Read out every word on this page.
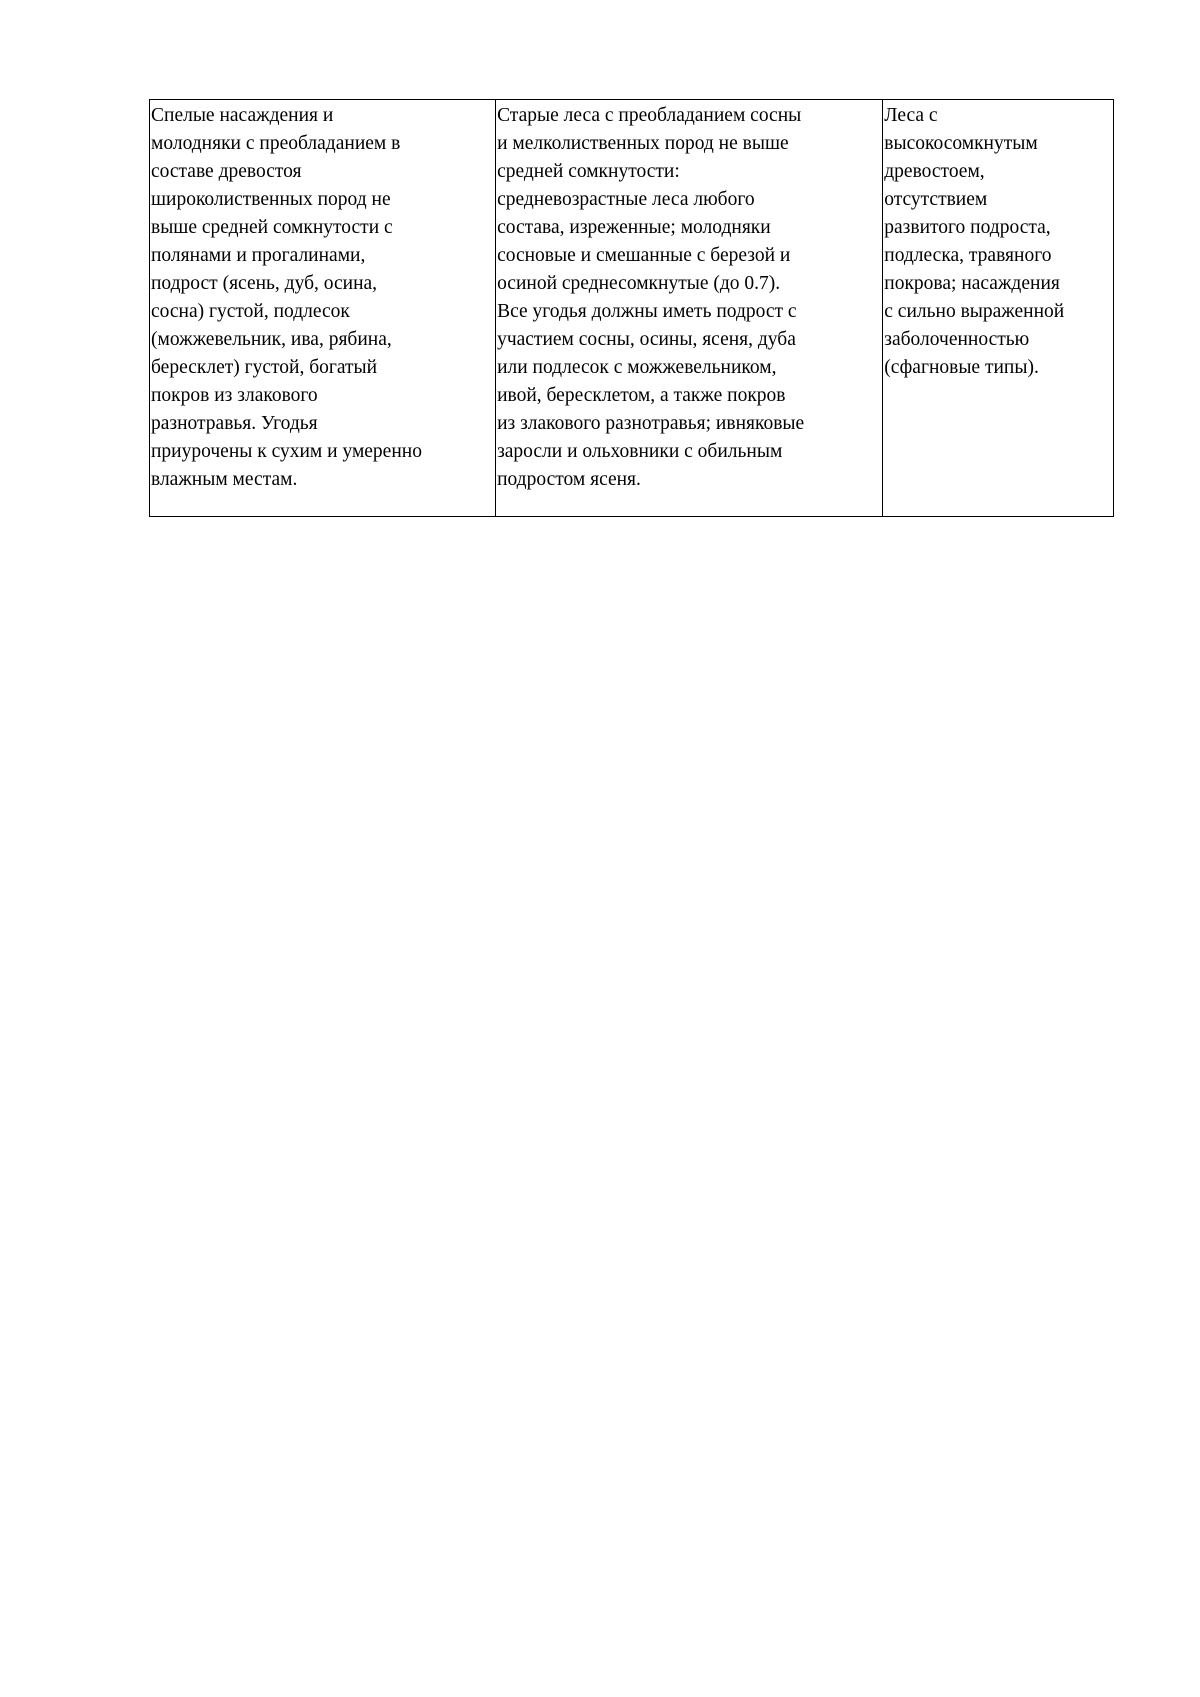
Спелые насаждения и
молодняки с преобладанием в
составе древостоя
широколиственных пород не
выше средней сомкнутости с
полянами и прогалинами,
подрост (ясень, дуб, осина,
сосна) густой, подлесок
(можжевельник, ива, рябина,
бересклет) густой, богатый
покров из злакового
разнотравья. Угодья
приурочены к сухим и умеренно
влажным местам.	Старые леса с преобладанием сосны
и мелколиственных пород не выше
средней сомкнутости:
средневозрастные леса любого
состава, изреженные; молодняки
сосновые и смешанные с березой и
осиной среднесомкнутые (до 0.7).
Все угодья должны иметь подрост с
участием сосны, осины, ясеня, дуба
или подлесок с можжевельником,
ивой, бересклетом, а также покров
из злакового разнотравья; ивняковые
заросли и ольховники с обильным
подростом ясеня.	Леса с
высокосомкнутым
древостоем,
отсутствием
развитого подроста,
подлеска, травяного
покрова; насаждения
с сильно выраженной
заболоченностью
(сфагновые типы).
